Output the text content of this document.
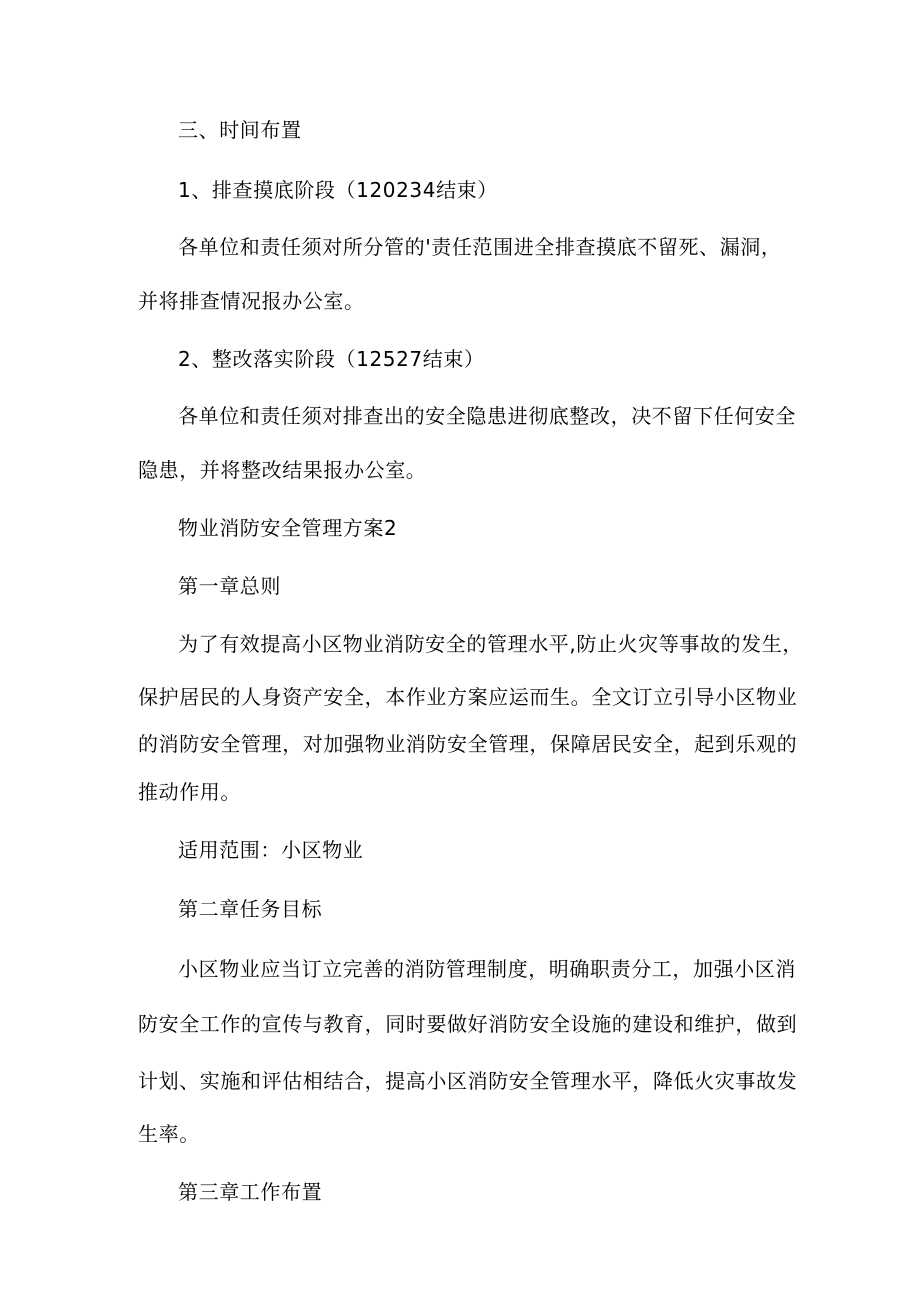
三、时间布置
1、排查摸底阶段（120234结束）
各单位和责任须对所分管的'责任范围进全排查摸底不留死、漏洞，
并将排查情况报办公室。
2、整改落实阶段（12527结束）
各单位和责任须对排查出的安全隐患进彻底整改，决不留下任何安全
隐患，并将整改结果报办公室。
物业消防安全管理方案2
第一章总则
为了有效提高小区物业消防安全的管理水平,防止火灾等事故的发生，
保护居民的人身资产安全，本作业方案应运而生。全文订立引导小区物业
的消防安全管理，对加强物业消防安全管理，保障居民安全，起到乐观的
推动作用。
适用范围：小区物业
第二章任务目标
小区物业应当订立完善的消防管理制度，明确职责分工，加强小区消
防安全工作的宣传与教育，同时要做好消防安全设施的建设和维护，做到
计划、实施和评估相结合，提高小区消防安全管理水平，降低火灾事故发
生率。
第三章工作布置
